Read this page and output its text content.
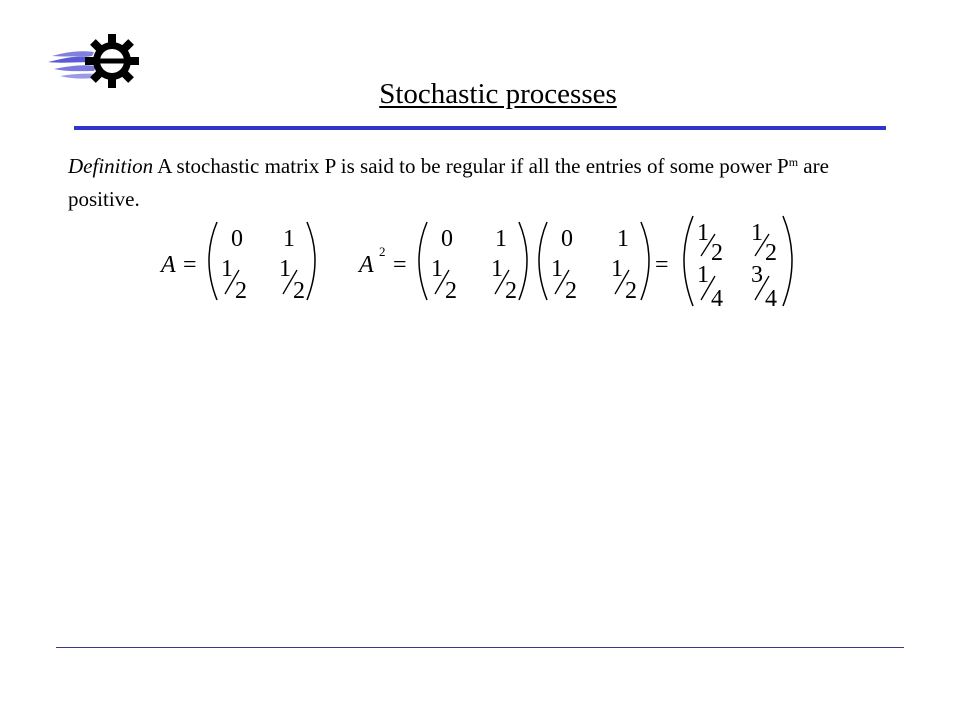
Stochastic processes
Definition A stochastic matrix P is said to be regular if all the entries of some power $P^m$ are positive.
A =
0 1
1
2
1
2
A
2
=
0 1
1
2
1
2
0 1
1
2
1
2
=
1
2
1
2
1
4
3
4
